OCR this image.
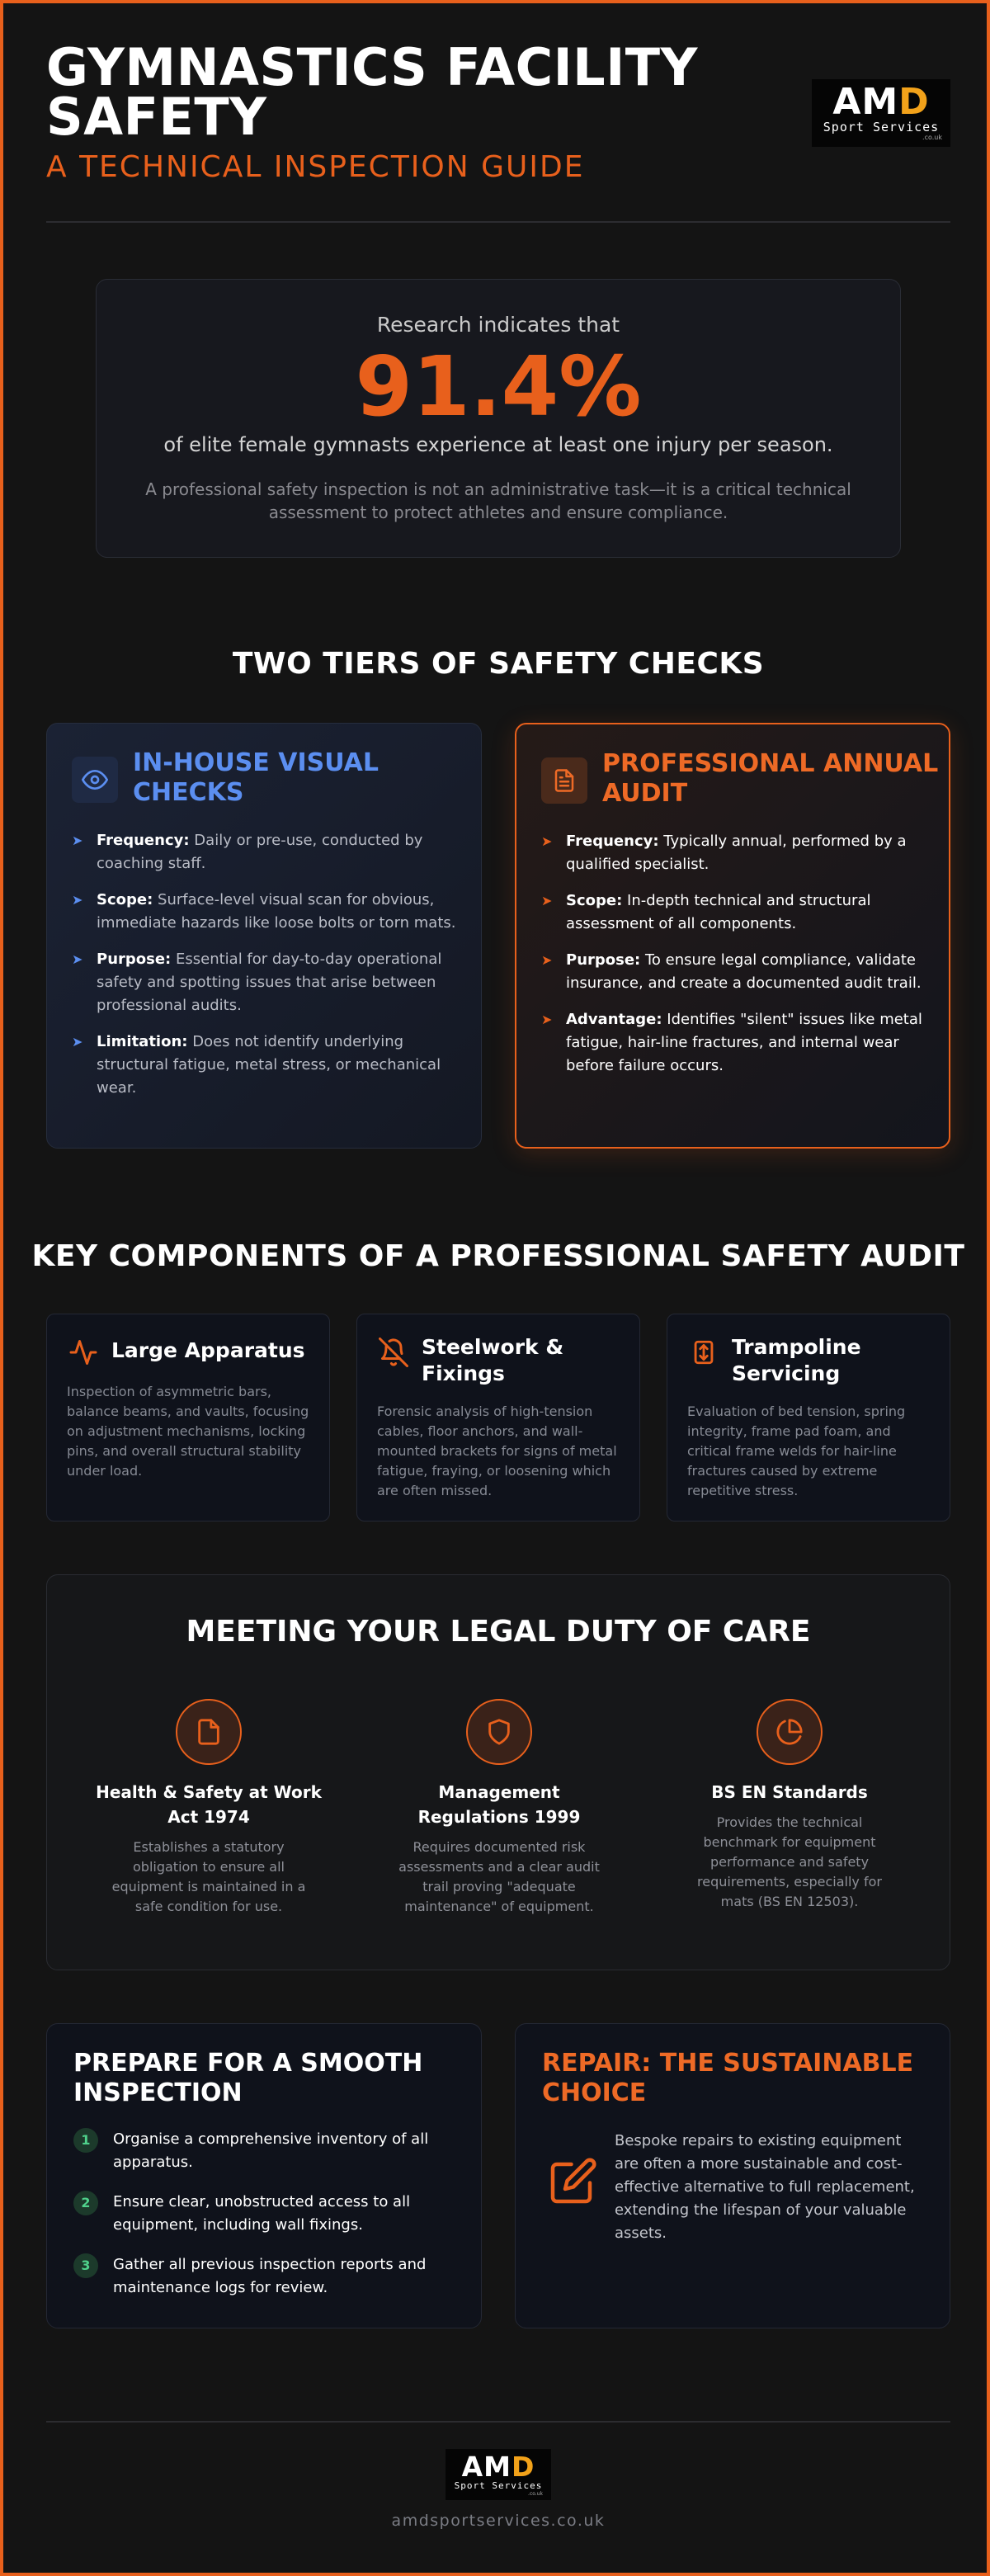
GYMNASTICS FACILITY SAFETY
A TECHNICAL INSPECTION GUIDE
AMD
Sport Services
.co.uk
Research indicates that
91.4%
of elite female gymnasts experience at least one injury per season.
A professional safety inspection is not an administrative task—it is a critical technical assessment to protect athletes and ensure compliance.
TWO TIERS OF SAFETY CHECKS
IN-HOUSE VISUAL CHECKS
➤ Frequency: Daily or pre-use, conducted by coaching staff.
➤ Scope: Surface-level visual scan for obvious, immediate hazards like loose bolts or torn mats.
➤ Purpose: Essential for day-to-day operational safety and spotting issues that arise between professional audits.
➤ Limitation: Does not identify underlying structural fatigue, metal stress, or mechanical wear.
PROFESSIONAL ANNUAL AUDIT
➤ Frequency: Typically annual, performed by a qualified specialist.
➤ Scope: In-depth technical and structural assessment of all components.
➤ Purpose: To ensure legal compliance, validate insurance, and create a documented audit trail.
➤ Advantage: Identifies "silent" issues like metal fatigue, hair-line fractures, and internal wear before failure occurs.
KEY COMPONENTS OF A PROFESSIONAL SAFETY AUDIT
Large Apparatus
Inspection of asymmetric bars, balance beams, and vaults, focusing on adjustment mechanisms, locking pins, and overall structural stability under load.
Steelwork & Fixings
Forensic analysis of high-tension cables, floor anchors, and wall-mounted brackets for signs of metal fatigue, fraying, or loosening which are often missed.
Trampoline Servicing
Evaluation of bed tension, spring integrity, frame pad foam, and critical frame welds for hair-line fractures caused by extreme repetitive stress.
MEETING YOUR LEGAL DUTY OF CARE
Health & Safety at Work Act 1974
Establishes a statutory obligation to ensure all equipment is maintained in a safe condition for use.
Management Regulations 1999
Requires documented risk assessments and a clear audit trail proving "adequate maintenance" of equipment.
BS EN Standards
Provides the technical benchmark for equipment performance and safety requirements, especially for mats (BS EN 12503).
PREPARE FOR A SMOOTH INSPECTION
1	Organise a comprehensive inventory of all apparatus.
2	Ensure clear, unobstructed access to all equipment, including wall fixings.
3	Gather all previous inspection reports and maintenance logs for review.
REPAIR: THE SUSTAINABLE CHOICE
Bespoke repairs to existing equipment are often a more sustainable and cost-effective alternative to full replacement, extending the lifespan of your valuable assets.
AMD
Sport Services
.co.uk
amdsportservices.co.uk
